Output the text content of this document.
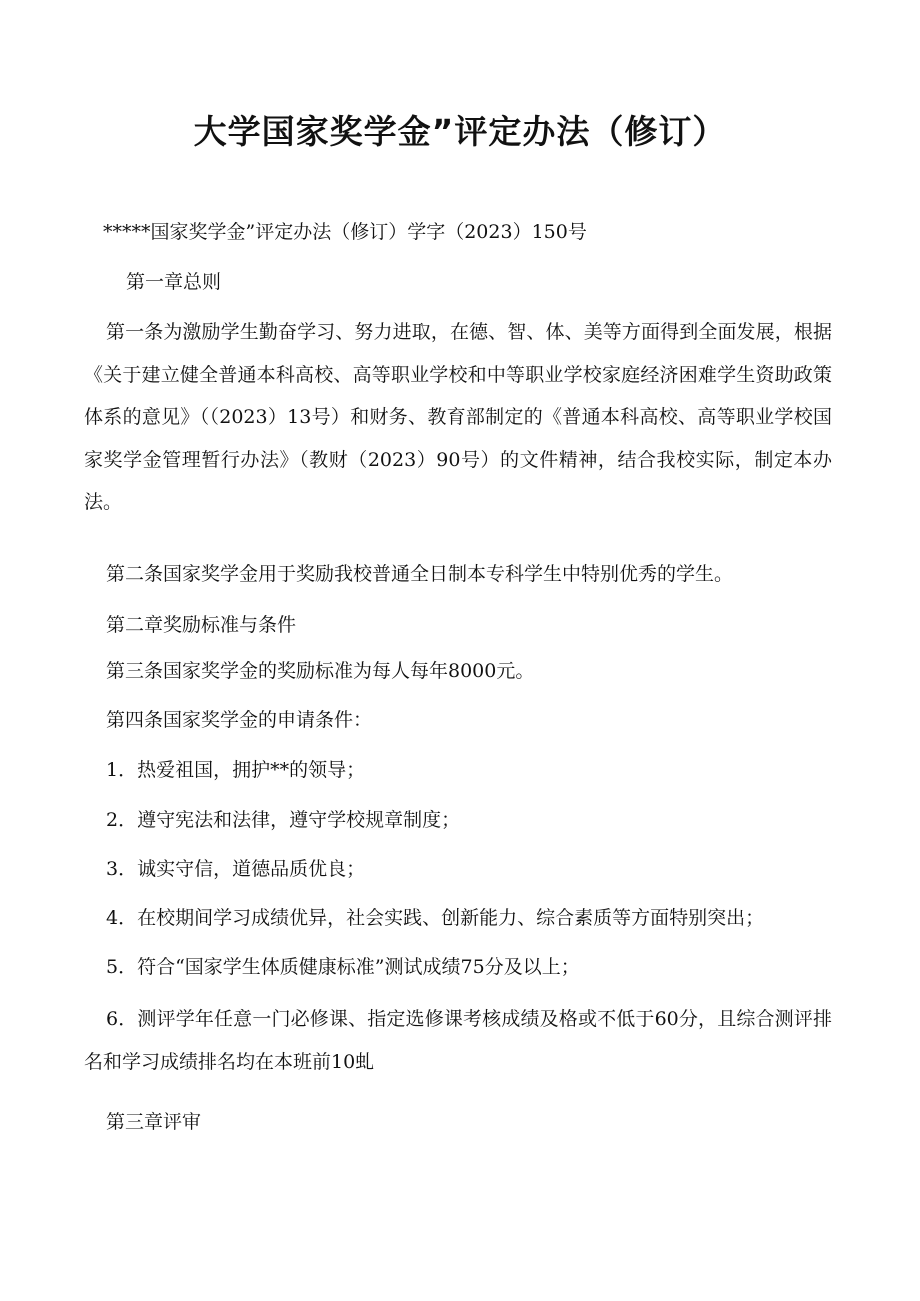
大学国家奖学金”评定办法（修订）

*****国家奖学金”评定办法（修订）学字（2023）150号

第一章总则

第一条为激励学生勤奋学习、努力进取，在德、智、体、美等方面得到全面发展，根据《关于建立健全普通本科高校、高等职业学校和中等职业学校家庭经济困难学生资助政策体系的意见》（（2023）13号）和财务、教育部制定的《普通本科高校、高等职业学校国家奖学金管理暂行办法》（教财（2023）90号）的文件精神，结合我校实际，制定本办法。

第二条国家奖学金用于奖励我校普通全日制本专科学生中特别优秀的学生。

第二章奖励标准与条件

第三条国家奖学金的奖励标准为每人每年8000元。

第四条国家奖学金的申请条件：

1．热爱祖国，拥护**的领导；

2．遵守宪法和法律，遵守学校规章制度；

3．诚实守信，道德品质优良；

4．在校期间学习成绩优异，社会实践、创新能力、综合素质等方面特别突出；

5．符合“国家学生体质健康标准”测试成绩75分及以上；

6．测评学年任意一门必修课、指定选修课考核成绩及格或不低于60分，且综合测评排名和学习成绩排名均在本班前10虬

第三章评审
